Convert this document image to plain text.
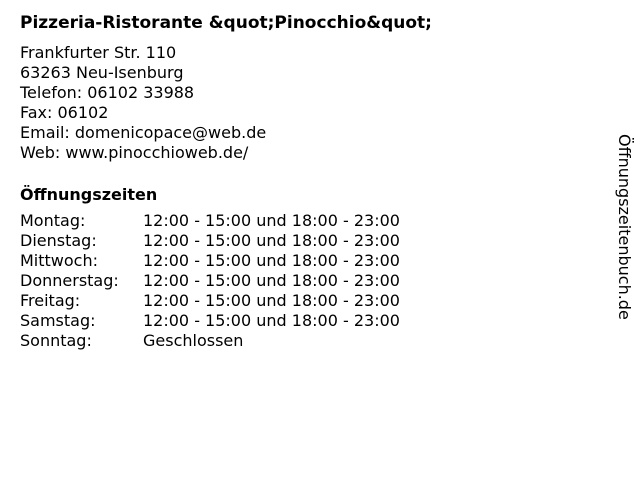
Pizzeria-Ristorante &quot;Pinocchio&quot;
Frankfurter Str. 110
63263 Neu-Isenburg
Telefon: 06102 33988
Fax: 06102
Email: domenicopace@web.de
Web: www.pinocchioweb.de/
Öffnungszeiten
Montag:	12:00 - 15:00 und 18:00 - 23:00
Dienstag:	12:00 - 15:00 und 18:00 - 23:00
Mittwoch:	12:00 - 15:00 und 18:00 - 23:00
Donnerstag:	12:00 - 15:00 und 18:00 - 23:00
Freitag:	12:00 - 15:00 und 18:00 - 23:00
Samstag:	12:00 - 15:00 und 18:00 - 23:00
Sonntag:	Geschlossen
Öffnungszeitenbuch.de
